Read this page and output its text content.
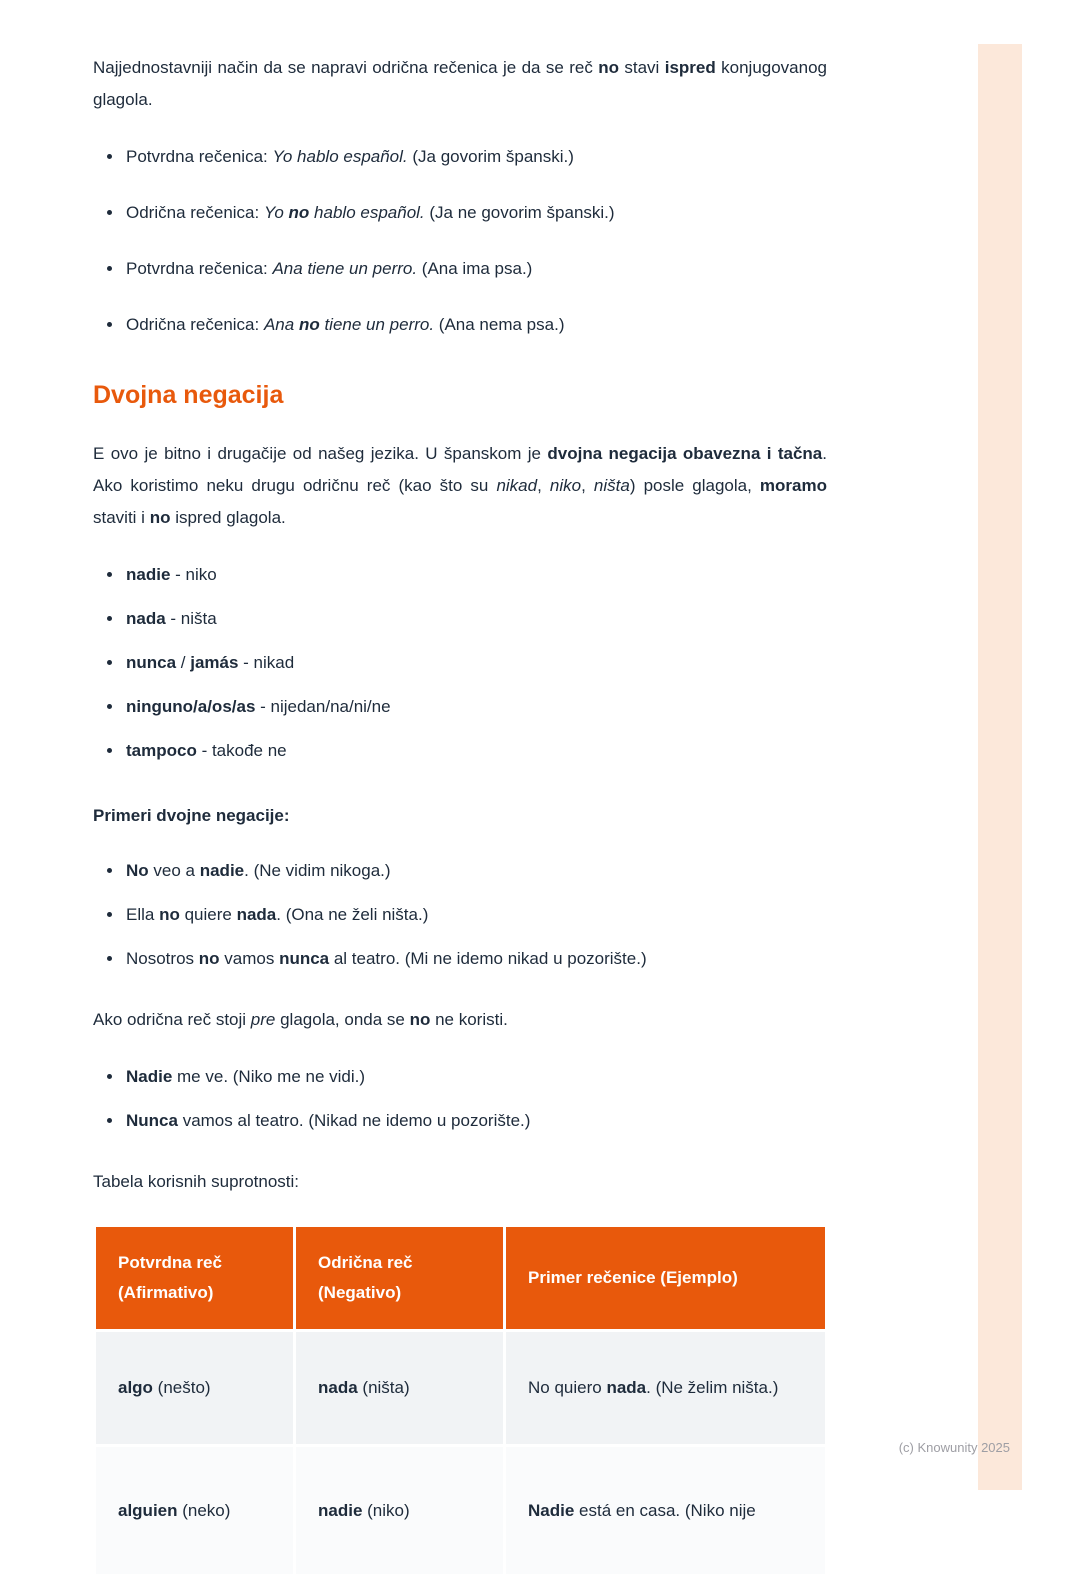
Najjednostavniji način da se napravi odrična rečenica je da se reč no stavi ispred konjugovanog glagola.

• Potvrdna rečenica: Yo hablo español. (Ja govorim španski.)
• Odrična rečenica: Yo no hablo español. (Ja ne govorim španski.)
• Potvrdna rečenica: Ana tiene un perro. (Ana ima psa.)
• Odrična rečenica: Ana no tiene un perro. (Ana nema psa.)
Dvojna negacija

E ovo je bitno i drugačije od našeg jezika. U španskom je dvojna negacija obavezna i tačna. Ako koristimo neku drugu odričnu reč (kao što su nikad, niko, ništa) posle glagola, moramo staviti i no ispred glagola.

• nadie - niko
• nada - ništa
• nunca / jamás - nikad
• ninguno/a/os/as - nijedan/na/ni/ne
• tampoco - takođe ne

Primeri dvojne negacije:

• No veo a nadie. (Ne vidim nikoga.)
• Ella no quiere nada. (Ona ne želi ništa.)
• Nosotros no vamos nunca al teatro. (Mi ne idemo nikad u pozorište.)

Ako odrična reč stoji pre glagola, onda se no ne koristi.

• Nadie me ve. (Niko me ne vidi.)
• Nunca vamos al teatro. (Nikad ne idemo u pozorište.)

Tabela korisnih suprotnosti:

Potvrdna reč (Afirmativo)	Odrična reč (Negativo)	Primer rečenice (Ejemplo)
algo (nešto)	nada (ništa)	No quiero nada. (Ne želim ništa.)
alguien (neko)	nadie (niko)	Nadie está en casa. (Niko nije
(c) Knowunity 2025
